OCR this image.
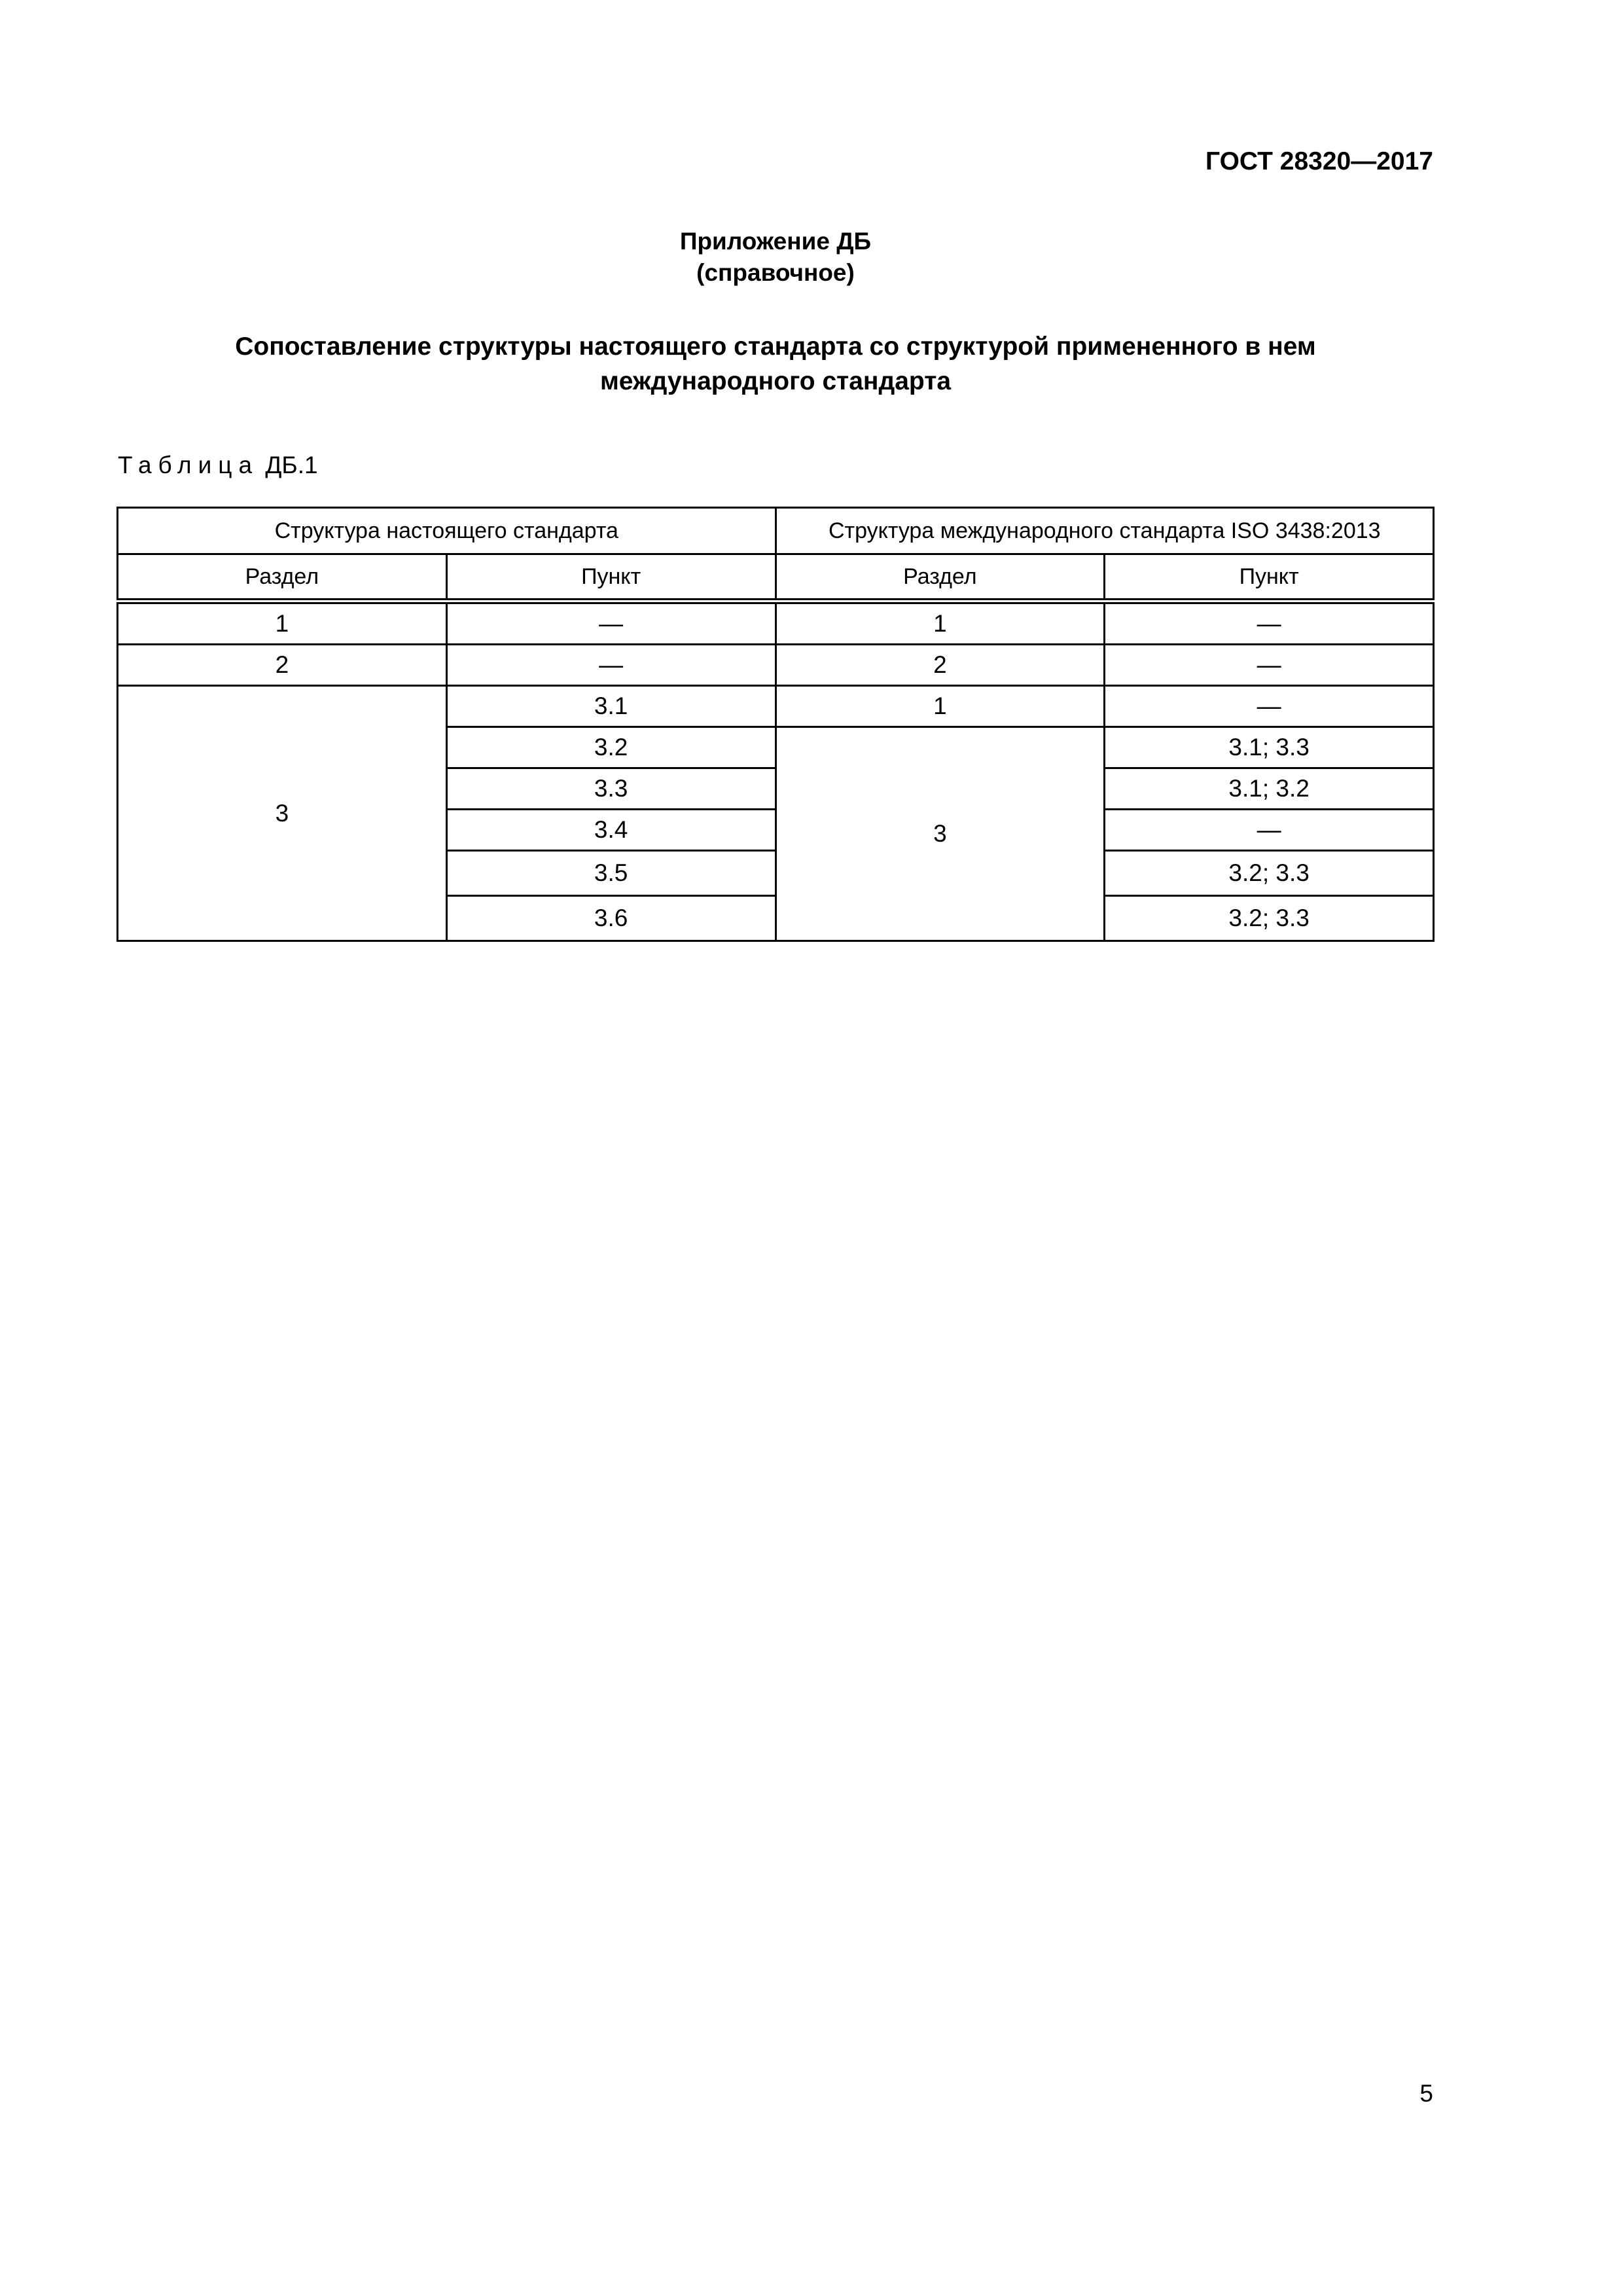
ГОСТ 28320—2017
Приложение ДБ
(справочное)
Сопоставление структуры настоящего стандарта со структурой примененного в нем
международного стандарта
Таблица ДБ.1
Структура настоящего стандарта		Структура международного стандарта ISO 3438:2013	
Раздел	Пункт	Раздел	Пункт
1	—	1	—
2	—	2	—
3	3.1	1	—
	3.2	3	3.1; 3.3
	3.3		3.1; 3.2
	3.4		—
	3.5		3.2; 3.3
	3.6		3.2; 3.3
5
